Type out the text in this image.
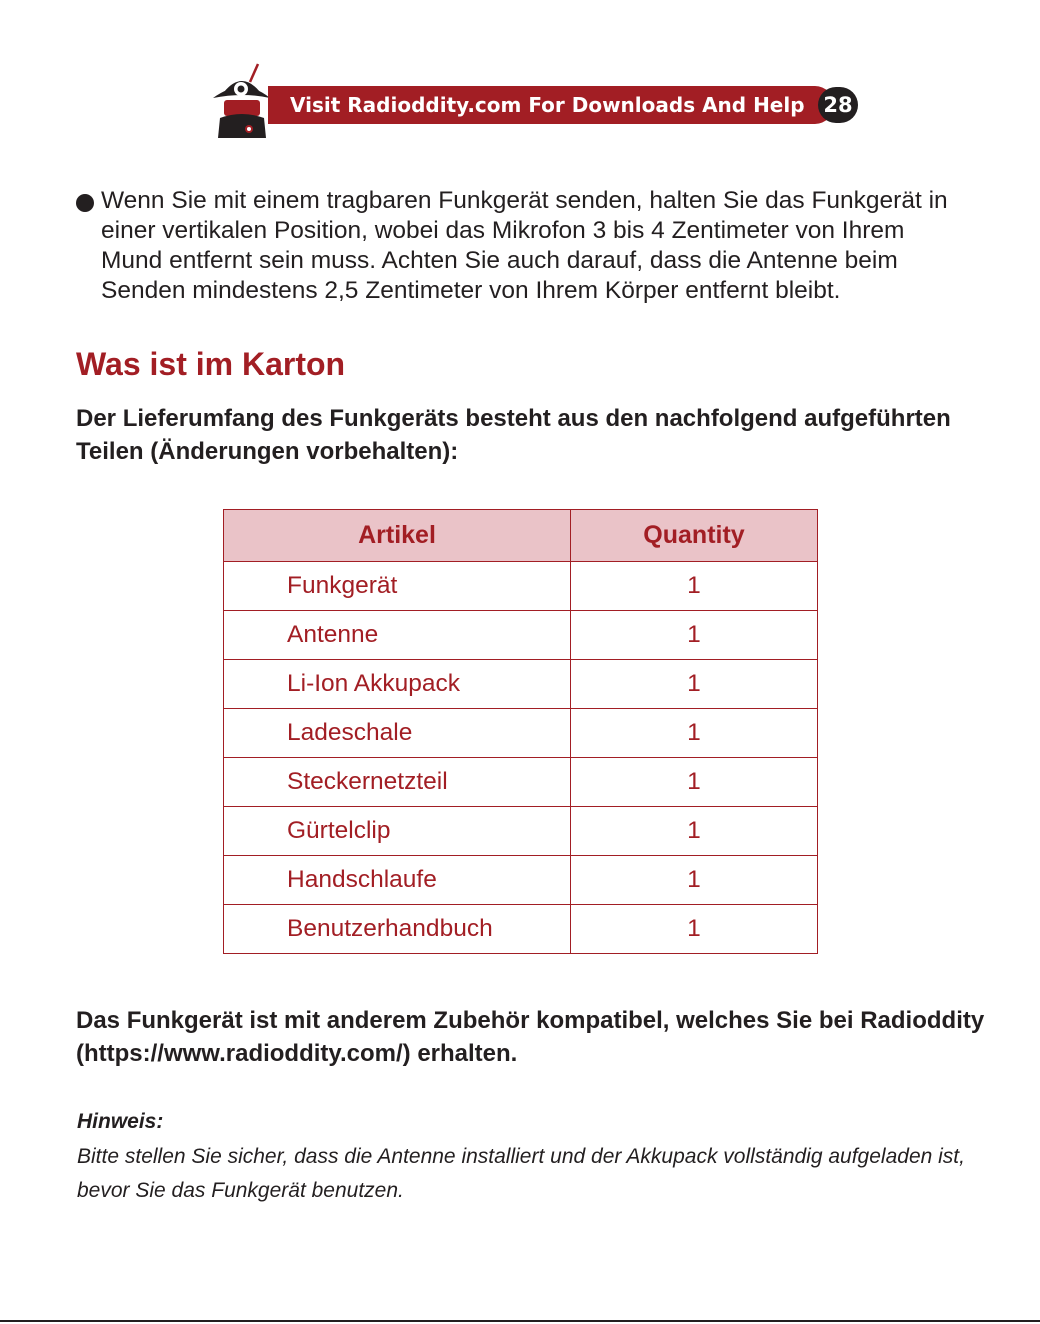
Visit Radioddity.com For Downloads And Help 28
Wenn Sie mit einem tragbaren Funkgerät senden, halten Sie das Funkgerät in einer vertikalen Position, wobei das Mikrofon 3 bis 4 Zentimeter von Ihrem Mund entfernt sein muss. Achten Sie auch darauf, dass die Antenne beim Senden mindestens 2,5 Zentimeter von Ihrem Körper entfernt bleibt.
Was ist im Karton
Der Lieferumfang des Funkgeräts besteht aus den nachfolgend aufgeführten Teilen (Änderungen vorbehalten):
Artikel	Quantity
Funkgerät	1
Antenne	1
Li-Ion Akkupack	1
Ladeschale	1
Steckernetzteil	1
Gürtelclip	1
Handschlaufe	1
Benutzerhandbuch	1
Das Funkgerät ist mit anderem Zubehör kompatibel, welches Sie bei Radioddity (https://www.radioddity.com/) erhalten.
Hinweis:
Bitte stellen Sie sicher, dass die Antenne installiert und der Akkupack vollständig aufgeladen ist, bevor Sie das Funkgerät benutzen.
